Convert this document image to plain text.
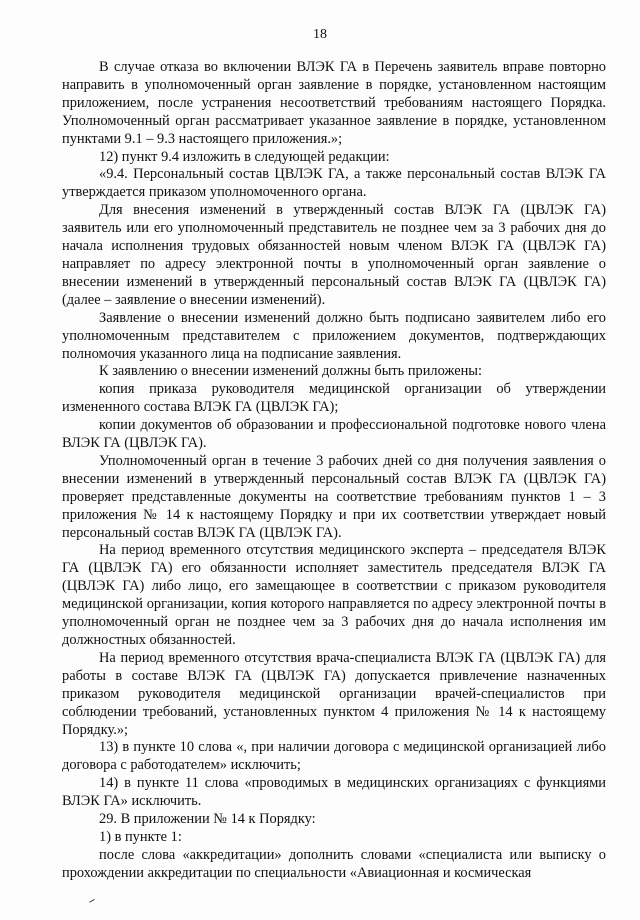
18

В случае отказа во включении ВЛЭК ГА в Перечень заявитель вправе повторно направить в уполномоченный орган заявление в порядке, установленном настоящим приложением, после устранения несоответствий требованиям настоящего Порядка. Уполномоченный орган рассматривает указанное заявление в порядке, установленном пунктами 9.1 – 9.3 настоящего приложения.»;

12) пункт 9.4 изложить в следующей редакции:

«9.4. Персональный состав ЦВЛЭК ГА, а также персональный состав ВЛЭК ГА утверждается приказом уполномоченного органа.

Для внесения изменений в утвержденный состав ВЛЭК ГА (ЦВЛЭК ГА) заявитель или его уполномоченный представитель не позднее чем за 3 рабочих дня до начала исполнения трудовых обязанностей новым членом ВЛЭК ГА (ЦВЛЭК ГА) направляет по адресу электронной почты в уполномоченный орган заявление о внесении изменений в утвержденный персональный состав ВЛЭК ГА (ЦВЛЭК ГА) (далее – заявление о внесении изменений).

Заявление о внесении изменений должно быть подписано заявителем либо его уполномоченным представителем с приложением документов, подтверждающих полномочия указанного лица на подписание заявления.

К заявлению о внесении изменений должны быть приложены:

копия приказа руководителя медицинской организации об утверждении измененного состава ВЛЭК ГА (ЦВЛЭК ГА);

копии документов об образовании и профессиональной подготовке нового члена ВЛЭК ГА (ЦВЛЭК ГА).

Уполномоченный орган в течение 3 рабочих дней со дня получения заявления о внесении изменений в утвержденный персональный состав ВЛЭК ГА (ЦВЛЭК ГА) проверяет представленные документы на соответствие требованиям пунктов 1 – 3 приложения № 14 к настоящему Порядку и при их соответствии утверждает новый персональный состав ВЛЭК ГА (ЦВЛЭК ГА).

На период временного отсутствия медицинского эксперта – председателя ВЛЭК ГА (ЦВЛЭК ГА) его обязанности исполняет заместитель председателя ВЛЭК ГА (ЦВЛЭК ГА) либо лицо, его замещающее в соответствии с приказом руководителя медицинской организации, копия которого направляется по адресу электронной почты в уполномоченный орган не позднее чем за 3 рабочих дня до начала исполнения им должностных обязанностей.

На период временного отсутствия врача-специалиста ВЛЭК ГА (ЦВЛЭК ГА) для работы в составе ВЛЭК ГА (ЦВЛЭК ГА) допускается привлечение назначенных приказом руководителя медицинской организации врачей-специалистов при соблюдении требований, установленных пунктом 4 приложения № 14 к настоящему Порядку.»;

13) в пункте 10 слова «, при наличии договора с медицинской организацией либо договора с работодателем» исключить;

14) в пункте 11 слова «проводимых в медицинских организациях с функциями ВЛЭК ГА» исключить.

29. В приложении № 14 к Порядку:

1) в пункте 1:

после слова «аккредитации» дополнить словами «специалиста или выписку о прохождении аккредитации по специальности «Авиационная и космическая
